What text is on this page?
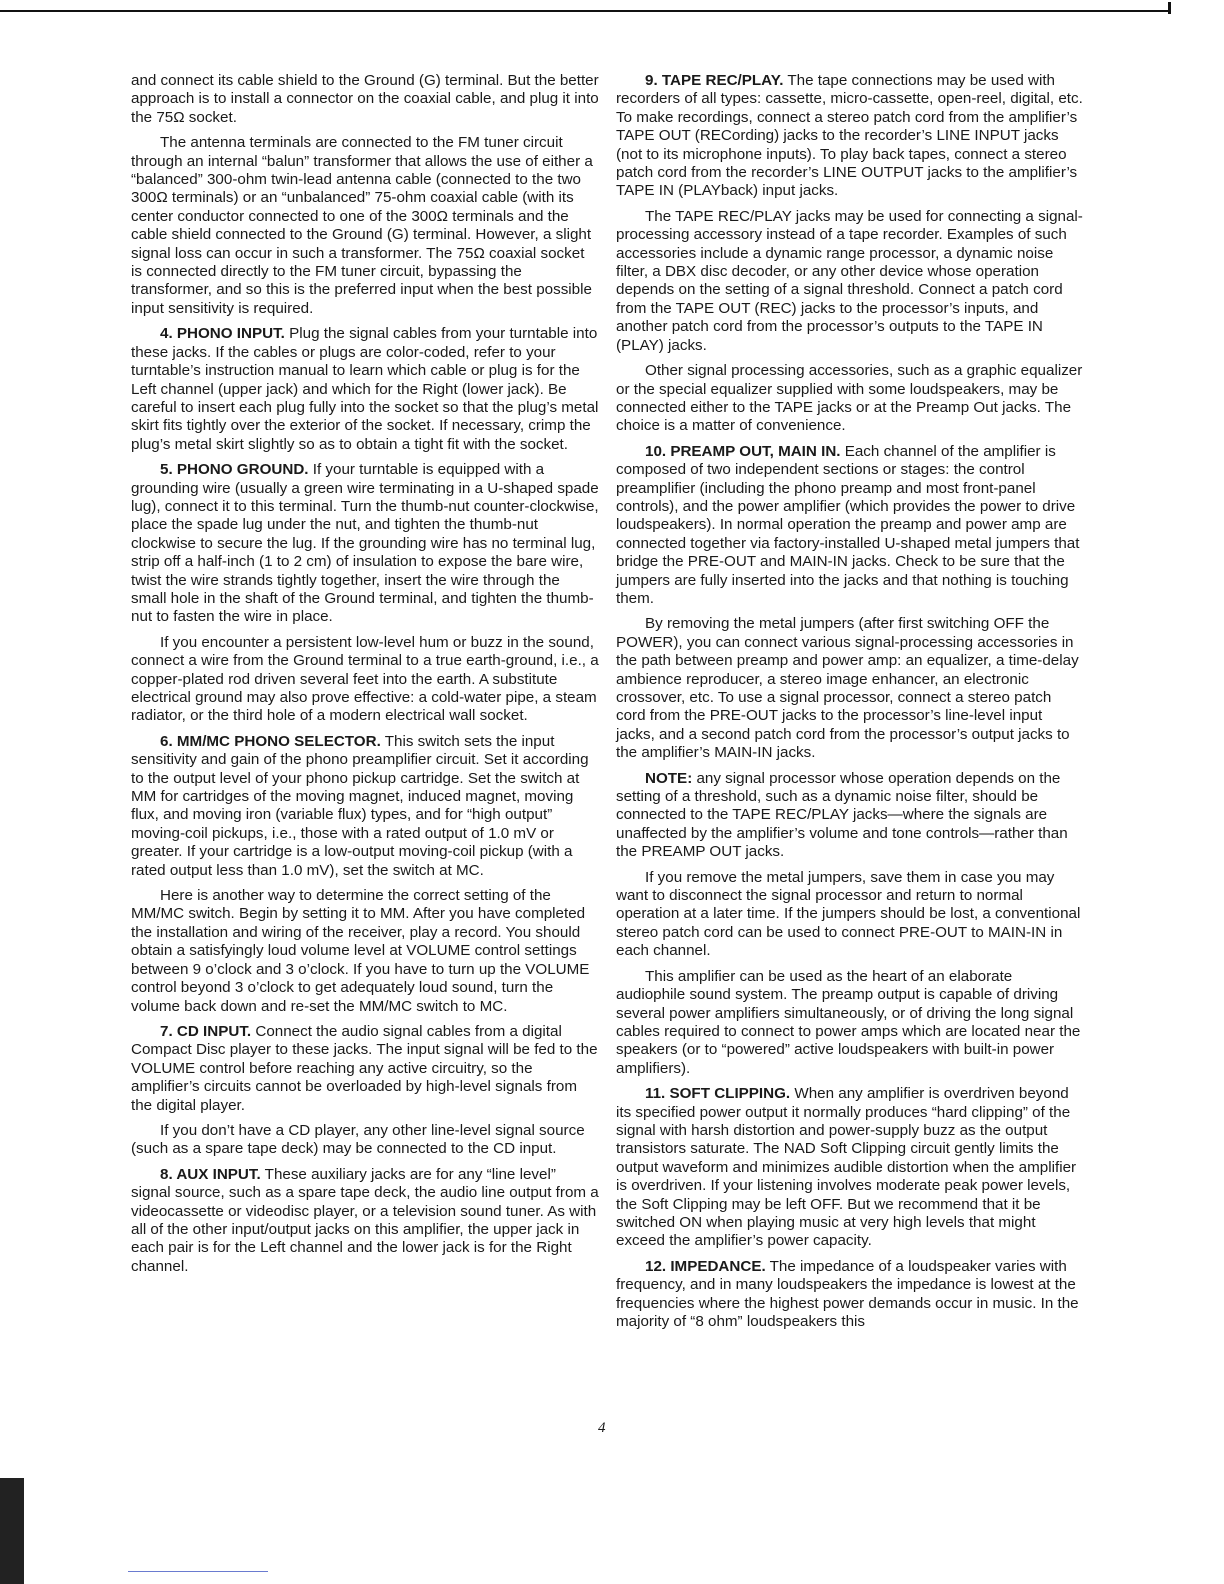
and connect its cable shield to the Ground (G) terminal. But the better approach is to install a connector on the coaxial cable, and plug it into the 75Ω socket.

The antenna terminals are connected to the FM tuner circuit through an internal “balun” transformer that allows the use of either a “balanced” 300-ohm twin-lead antenna cable (connected to the two 300Ω terminals) or an “unbalanced” 75-ohm coaxial cable (with its center conductor connected to one of the 300Ω terminals and the cable shield connected to the Ground (G) terminal. However, a slight signal loss can occur in such a transformer. The 75Ω coaxial socket is connected directly to the FM tuner circuit, bypassing the transformer, and so this is the preferred input when the best possible input sensitivity is required.

4. PHONO INPUT. Plug the signal cables from your turntable into these jacks. If the cables or plugs are color-coded, refer to your turntable’s instruction manual to learn which cable or plug is for the Left channel (upper jack) and which for the Right (lower jack). Be careful to insert each plug fully into the socket so that the plug’s metal skirt fits tightly over the exterior of the socket. If necessary, crimp the plug’s metal skirt slightly so as to obtain a tight fit with the socket.

5. PHONO GROUND. If your turntable is equipped with a grounding wire (usually a green wire terminating in a U-shaped spade lug), connect it to this terminal. Turn the thumb-nut counter-clockwise, place the spade lug under the nut, and tighten the thumb-nut clockwise to secure the lug. If the grounding wire has no terminal lug, strip off a half-inch (1 to 2 cm) of insulation to expose the bare wire, twist the wire strands tightly together, insert the wire through the small hole in the shaft of the Ground terminal, and tighten the thumb-nut to fasten the wire in place.

If you encounter a persistent low-level hum or buzz in the sound, connect a wire from the Ground terminal to a true earth-ground, i.e., a copper-plated rod driven several feet into the earth. A substitute electrical ground may also prove effective: a cold-water pipe, a steam radiator, or the third hole of a modern electrical wall socket.

6. MM/MC PHONO SELECTOR. This switch sets the input sensitivity and gain of the phono preamplifier circuit. Set it according to the output level of your phono pickup cartridge. Set the switch at MM for cartridges of the moving magnet, induced magnet, moving flux, and moving iron (variable flux) types, and for “high output” moving-coil pickups, i.e., those with a rated output of 1.0 mV or greater. If your cartridge is a low-output moving-coil pickup (with a rated output less than 1.0 mV), set the switch at MC.

Here is another way to determine the correct setting of the MM/MC switch. Begin by setting it to MM. After you have completed the installation and wiring of the receiver, play a record. You should obtain a satisfyingly loud volume level at VOLUME control settings between 9 o’clock and 3 o’clock. If you have to turn up the VOLUME control beyond 3 o’clock to get adequately loud sound, turn the volume back down and re-set the MM/MC switch to MC.

7. CD INPUT. Connect the audio signal cables from a digital Compact Disc player to these jacks. The input signal will be fed to the VOLUME control before reaching any active circuitry, so the amplifier’s circuits cannot be overloaded by high-level signals from the digital player.

If you don’t have a CD player, any other line-level signal source (such as a spare tape deck) may be connected to the CD input.

8. AUX INPUT. These auxiliary jacks are for any “line level” signal source, such as a spare tape deck, the audio line output from a videocassette or videodisc player, or a television sound tuner. As with all of the other input/output jacks on this amplifier, the upper jack in each pair is for the Left channel and the lower jack is for the Right channel.

9. TAPE REC/PLAY. The tape connections may be used with recorders of all types: cassette, micro-cassette, open-reel, digital, etc. To make recordings, connect a stereo patch cord from the amplifier’s TAPE OUT (RECording) jacks to the recorder’s LINE INPUT jacks (not to its microphone inputs). To play back tapes, connect a stereo patch cord from the recorder’s LINE OUTPUT jacks to the amplifier’s TAPE IN (PLAYback) input jacks.

The TAPE REC/PLAY jacks may be used for connecting a signal-processing accessory instead of a tape recorder. Examples of such accessories include a dynamic range processor, a dynamic noise filter, a DBX disc decoder, or any other device whose operation depends on the setting of a signal threshold. Connect a patch cord from the TAPE OUT (REC) jacks to the processor’s inputs, and another patch cord from the processor’s outputs to the TAPE IN (PLAY) jacks.

Other signal processing accessories, such as a graphic equalizer or the special equalizer supplied with some loudspeakers, may be connected either to the TAPE jacks or at the Preamp Out jacks. The choice is a matter of convenience.

10. PREAMP OUT, MAIN IN. Each channel of the amplifier is composed of two independent sections or stages: the control preamplifier (including the phono preamp and most front-panel controls), and the power amplifier (which provides the power to drive loudspeakers). In normal operation the preamp and power amp are connected together via factory-installed U-shaped metal jumpers that bridge the PRE-OUT and MAIN-IN jacks. Check to be sure that the jumpers are fully inserted into the jacks and that nothing is touching them.

By removing the metal jumpers (after first switching OFF the POWER), you can connect various signal-processing accessories in the path between preamp and power amp: an equalizer, a time-delay ambience reproducer, a stereo image enhancer, an electronic crossover, etc. To use a signal processor, connect a stereo patch cord from the PRE-OUT jacks to the processor’s line-level input jacks, and a second patch cord from the processor’s output jacks to the amplifier’s MAIN-IN jacks.

NOTE: any signal processor whose operation depends on the setting of a threshold, such as a dynamic noise filter, should be connected to the TAPE REC/PLAY jacks—where the signals are unaffected by the amplifier’s volume and tone controls—rather than the PREAMP OUT jacks.

If you remove the metal jumpers, save them in case you may want to disconnect the signal processor and return to normal operation at a later time. If the jumpers should be lost, a conventional stereo patch cord can be used to connect PRE-OUT to MAIN-IN in each channel.

This amplifier can be used as the heart of an elaborate audiophile sound system. The preamp output is capable of driving several power amplifiers simultaneously, or of driving the long signal cables required to connect to power amps which are located near the speakers (or to “powered” active loudspeakers with built-in power amplifiers).

11. SOFT CLIPPING. When any amplifier is overdriven beyond its specified power output it normally produces “hard clipping” of the signal with harsh distortion and power-supply buzz as the output transistors saturate. The NAD Soft Clipping circuit gently limits the output waveform and minimizes audible distortion when the amplifier is overdriven. If your listening involves moderate peak power levels, the Soft Clipping may be left OFF. But we recommend that it be switched ON when playing music at very high levels that might exceed the amplifier’s power capacity.

12. IMPEDANCE. The impedance of a loudspeaker varies with frequency, and in many loudspeakers the impedance is lowest at the frequencies where the highest power demands occur in music. In the majority of “8 ohm” loudspeakers this

4
